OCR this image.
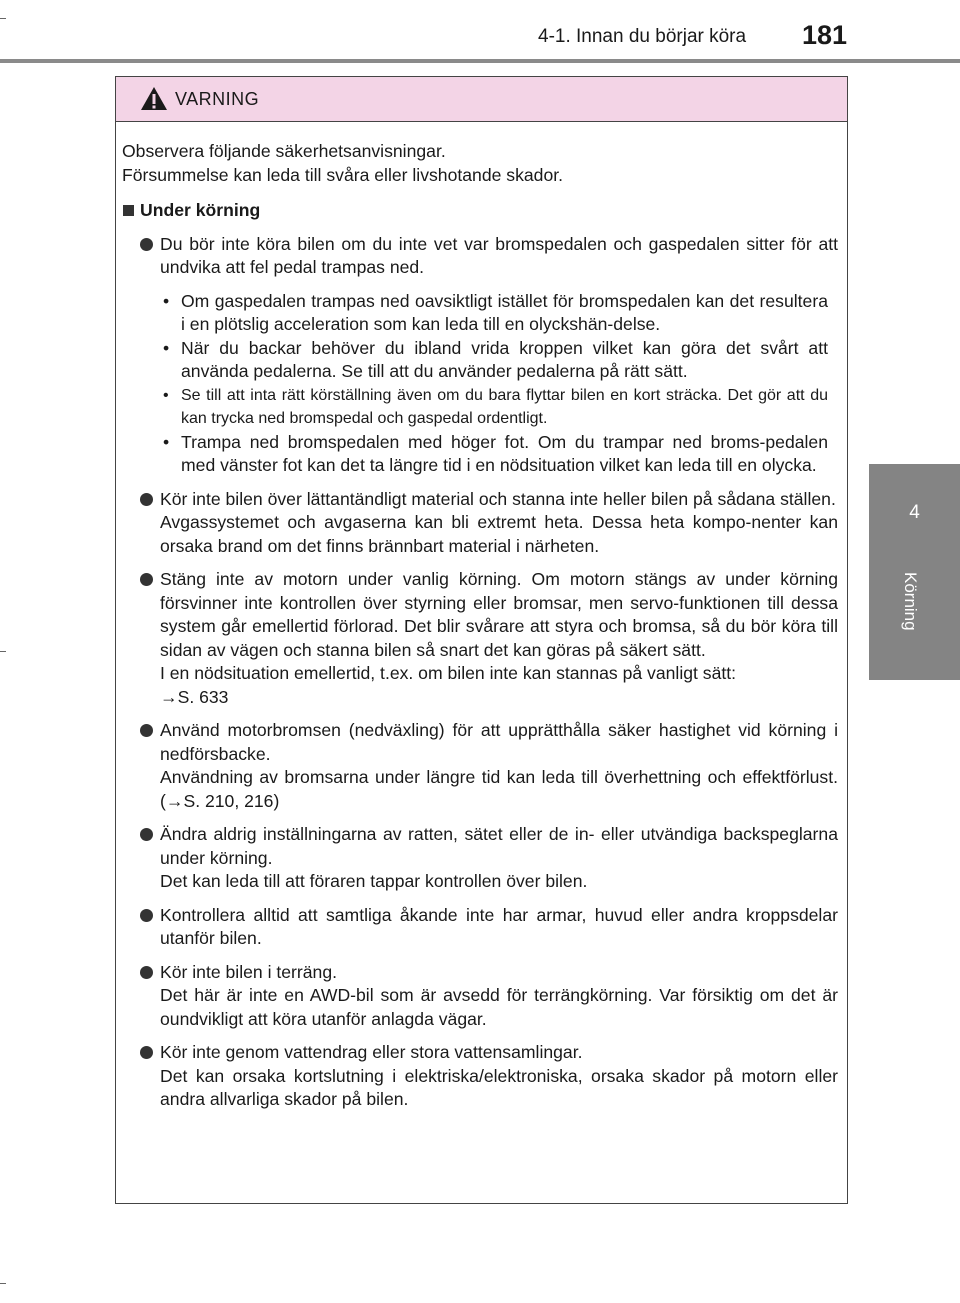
4-1. Innan du börjar köra 181
4
Körning
VARNING

Observera följande säkerhetsanvisningar.

Försummelse kan leda till svåra eller livshotande skador.

Under körning
Du bör inte köra bilen om du inte vet var bromspedalen och gaspedalen sitter för att undvika att fel pedal trampas ned.
• Om gaspedalen trampas ned oavsiktligt istället för bromspedalen kan det resultera i en plötslig acceleration som kan leda till en olyckshän-delse.
• När du backar behöver du ibland vrida kroppen vilket kan göra det svårt att använda pedalerna. Se till att du använder pedalerna på rätt sätt.
• Se till att inta rätt körställning även om du bara flyttar bilen en kort sträcka. Det gör att du kan trycka ned bromspedal och gaspedal ordentligt.
• Trampa ned bromspedalen med höger fot. Om du trampar ned broms-pedalen med vänster fot kan det ta längre tid i en nödsituation vilket kan leda till en olycka.
Kör inte bilen över lättantändligt material och stanna inte heller bilen på sådana ställen.
Avgassystemet och avgaserna kan bli extremt heta. Dessa heta kompo-nenter kan orsaka brand om det finns brännbart material i närheten.
Stäng inte av motorn under vanlig körning. Om motorn stängs av under körning försvinner inte kontrollen över styrning eller bromsar, men servo-funktionen till dessa system går emellertid förlorad. Det blir svårare att styra och bromsa, så du bör köra till sidan av vägen och stanna bilen så snart det kan göras på säkert sätt.
I en nödsituation emellertid, t.ex. om bilen inte kan stannas på vanligt sätt:
→S. 633
Använd motorbromsen (nedväxling) för att upprätthålla säker hastighet vid körning i nedförsbacke.
Användning av bromsarna under längre tid kan leda till överhettning och effektförlust. (→S. 210, 216)
Ändra aldrig inställningarna av ratten, sätet eller de in- eller utvändiga backspeglarna under körning.
Det kan leda till att föraren tappar kontrollen över bilen.
Kontrollera alltid att samtliga åkande inte har armar, huvud eller andra kroppsdelar utanför bilen.
Kör inte bilen i terräng.
Det här är inte en AWD-bil som är avsedd för terrängkörning. Var försiktig om det är oundvikligt att köra utanför anlagda vägar.
Kör inte genom vattendrag eller stora vattensamlingar.
Det kan orsaka kortslutning i elektriska/elektroniska, orsaka skador på motorn eller andra allvarliga skador på bilen.
